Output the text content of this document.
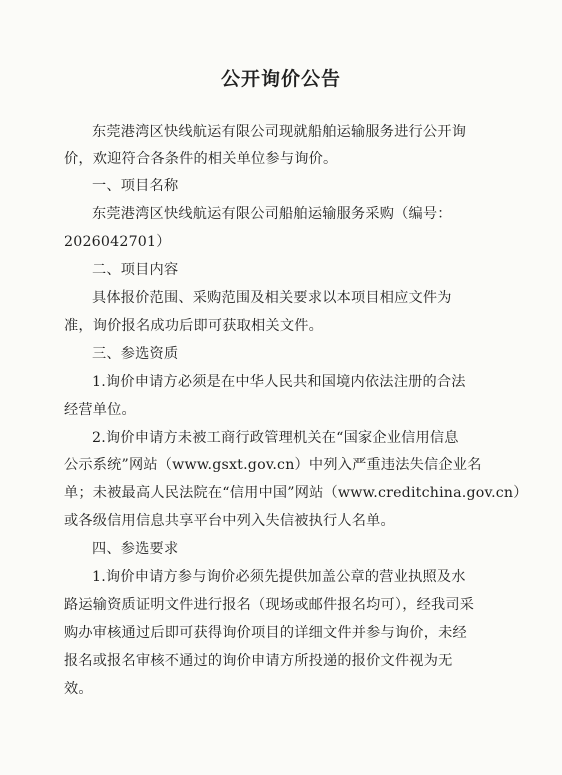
公开询价公告
东莞港湾区快线航运有限公司现就船舶运输服务进行公开询
价，欢迎符合各条件的相关单位参与询价。
一、项目名称
东莞港湾区快线航运有限公司船舶运输服务采购（编号：
2026042701）
二、项目内容
具体报价范围、采购范围及相关要求以本项目相应文件为
准，询价报名成功后即可获取相关文件。
三、参选资质
1.询价申请方必须是在中华人民共和国境内依法注册的合法
经营单位。
2.询价申请方未被工商行政管理机关在“国家企业信用信息
公示系统”网站（www.gsxt.gov.cn）中列入严重违法失信企业名
单；未被最高人民法院在“信用中国”网站（www.creditchina.gov.cn）
或各级信用信息共享平台中列入失信被执行人名单。
四、参选要求
1.询价申请方参与询价必须先提供加盖公章的营业执照及水
路运输资质证明文件进行报名（现场或邮件报名均可），经我司采
购办审核通过后即可获得询价项目的详细文件并参与询价，未经
报名或报名审核不通过的询价申请方所投递的报价文件视为无
效。
